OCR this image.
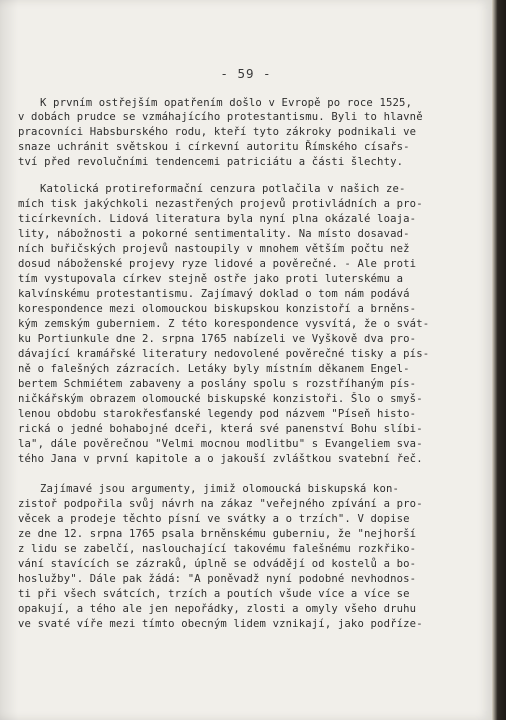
- 59 -
K prvním ostřejším opatřením došlo v Evropě po roce 1525,
v dobách prudce se vzmáhajícího protestantismu. Byli to hlavně
pracovníci Habsburského rodu, kteří tyto zákroky podnikali ve
snaze uchránit světskou i církevní autoritu Římského císařs-
tví před revolučními tendencemi patriciátu a části šlechty.
Katolická protireformační cenzura potlačila v našich ze-
mích tisk jakýchkoli nezastřených projevů protivládních a pro-
ticírkevních. Lidová literatura byla nyní plna okázalé loaja-
lity, nábožnosti a pokorné sentimentality. Na místo dosavad-
ních buřičských projevů nastoupily v mnohem větším počtu než
dosud náboženské projevy ryze lidové a pověrečné. - Ale proti
tím vystupovala církev stejně ostře jako proti luterskému a
kalvínskému protestantismu. Zajímavý doklad o tom nám podává
korespondence mezi olomouckou biskupskou konzistoří a brněns-
kým zemským guberniem. Z této korespondence vysvítá, že o svát-
ku Portiunkule dne 2. srpna 1765 nabízeli ve Vyškově dva pro-
dávající kramářské literatury nedovolené pověrečné tisky a pís-
ně o falešných zázracích. Letáky byly místním děkanem Engel-
bertem Schmiétem zabaveny a poslány spolu s rozstříhaným pís-
ničkářským obrazem olomoucké biskupské konzistoři. Šlo o smyš-
lenou obdobu starokřesťanské legendy pod názvem "Píseň histo-
rická o jedné bohabojné dceři, která své panenství Bohu slíbi-
la", dále pověrečnou "Velmi mocnou modlitbu" s Evangeliem sva-
tého Jana v první kapitole a o jakouší zvláštkou svatební řeč.
Zajímavé jsou argumenty, jimiž olomoucká biskupská kon-
zistoř podpořila svůj návrh na zákaz "veřejného zpívání a pro-
věcek a prodeje těchto písní ve svátky a o trzích". V dopise
ze dne 12. srpna 1765 psala brněnskému guberniu, že "nejhorší
z lidu se zabelčí, naslouchající takovému falešnému rozkřiko-
vání stavících se zázraků, úplně se odvádějí od kostelů a bo-
hoslužby". Dále pak žádá: "A poněvadž nyní podobné nevhodnos-
ti při všech svátcích, trzích a poutích všude více a více se
opakují, a tého ale jen nepořádky, zlosti a omyly všeho druhu
ve svaté víře mezi tímto obecným lidem vznikají, jako podříze-
